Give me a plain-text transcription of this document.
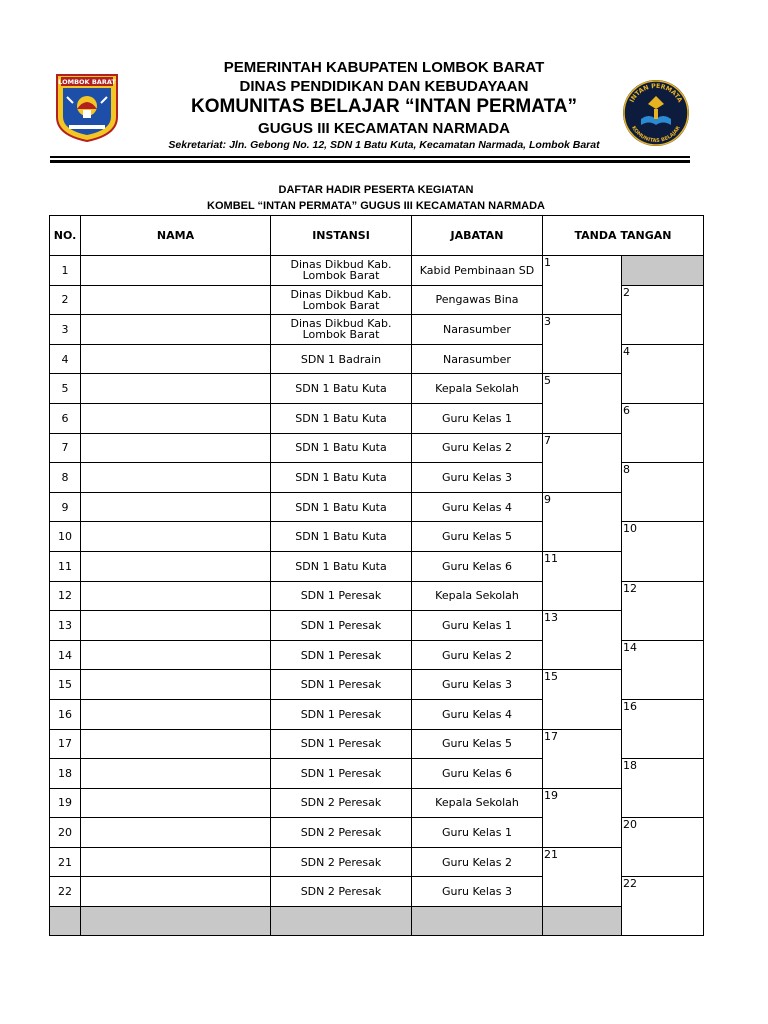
LOMBOK BARAT
INTAN PERMATA
KOMUNITAS BELAJAR
PEMERINTAH KABUPATEN LOMBOK BARAT
DINAS PENDIDIKAN DAN KEBUDAYAAN
KOMUNITAS BELAJAR “INTAN PERMATA”
GUGUS III KECAMATAN NARMADA
Sekretariat: Jln. Gebong No. 12, SDN 1 Batu Kuta, Kecamatan Narmada, Lombok Barat
DAFTAR HADIR PESERTA KEGIATAN
KOMBEL “INTAN PERMATA” GUGUS III KECAMATAN NARMADA
NO.	NAMA	INSTANSI	JABATAN	TANDA TANGAN	
1		Dinas Dikbud Kab. Lombok Barat	Kabid Pembinaan SD	1	
2		Dinas Dikbud Kab. Lombok Barat	Pengawas Bina		2
3		Dinas Dikbud Kab. Lombok Barat	Narasumber	3	
4		SDN 1 Badrain	Narasumber		4
5		SDN 1 Batu Kuta	Kepala Sekolah	5	
6		SDN 1 Batu Kuta	Guru Kelas 1		6
7		SDN 1 Batu Kuta	Guru Kelas 2	7	
8		SDN 1 Batu Kuta	Guru Kelas 3		8
9		SDN 1 Batu Kuta	Guru Kelas 4	9	
10		SDN 1 Batu Kuta	Guru Kelas 5		10
11		SDN 1 Batu Kuta	Guru Kelas 6	11	
12		SDN 1 Peresak	Kepala Sekolah		12
13		SDN 1 Peresak	Guru Kelas 1	13	
14		SDN 1 Peresak	Guru Kelas 2		14
15		SDN 1 Peresak	Guru Kelas 3	15	
16		SDN 1 Peresak	Guru Kelas 4		16
17		SDN 1 Peresak	Guru Kelas 5	17	
18		SDN 1 Peresak	Guru Kelas 6		18
19		SDN 2 Peresak	Kepala Sekolah	19	
20		SDN 2 Peresak	Guru Kelas 1		20
21		SDN 2 Peresak	Guru Kelas 2	21	
22		SDN 2 Peresak	Guru Kelas 3		22
